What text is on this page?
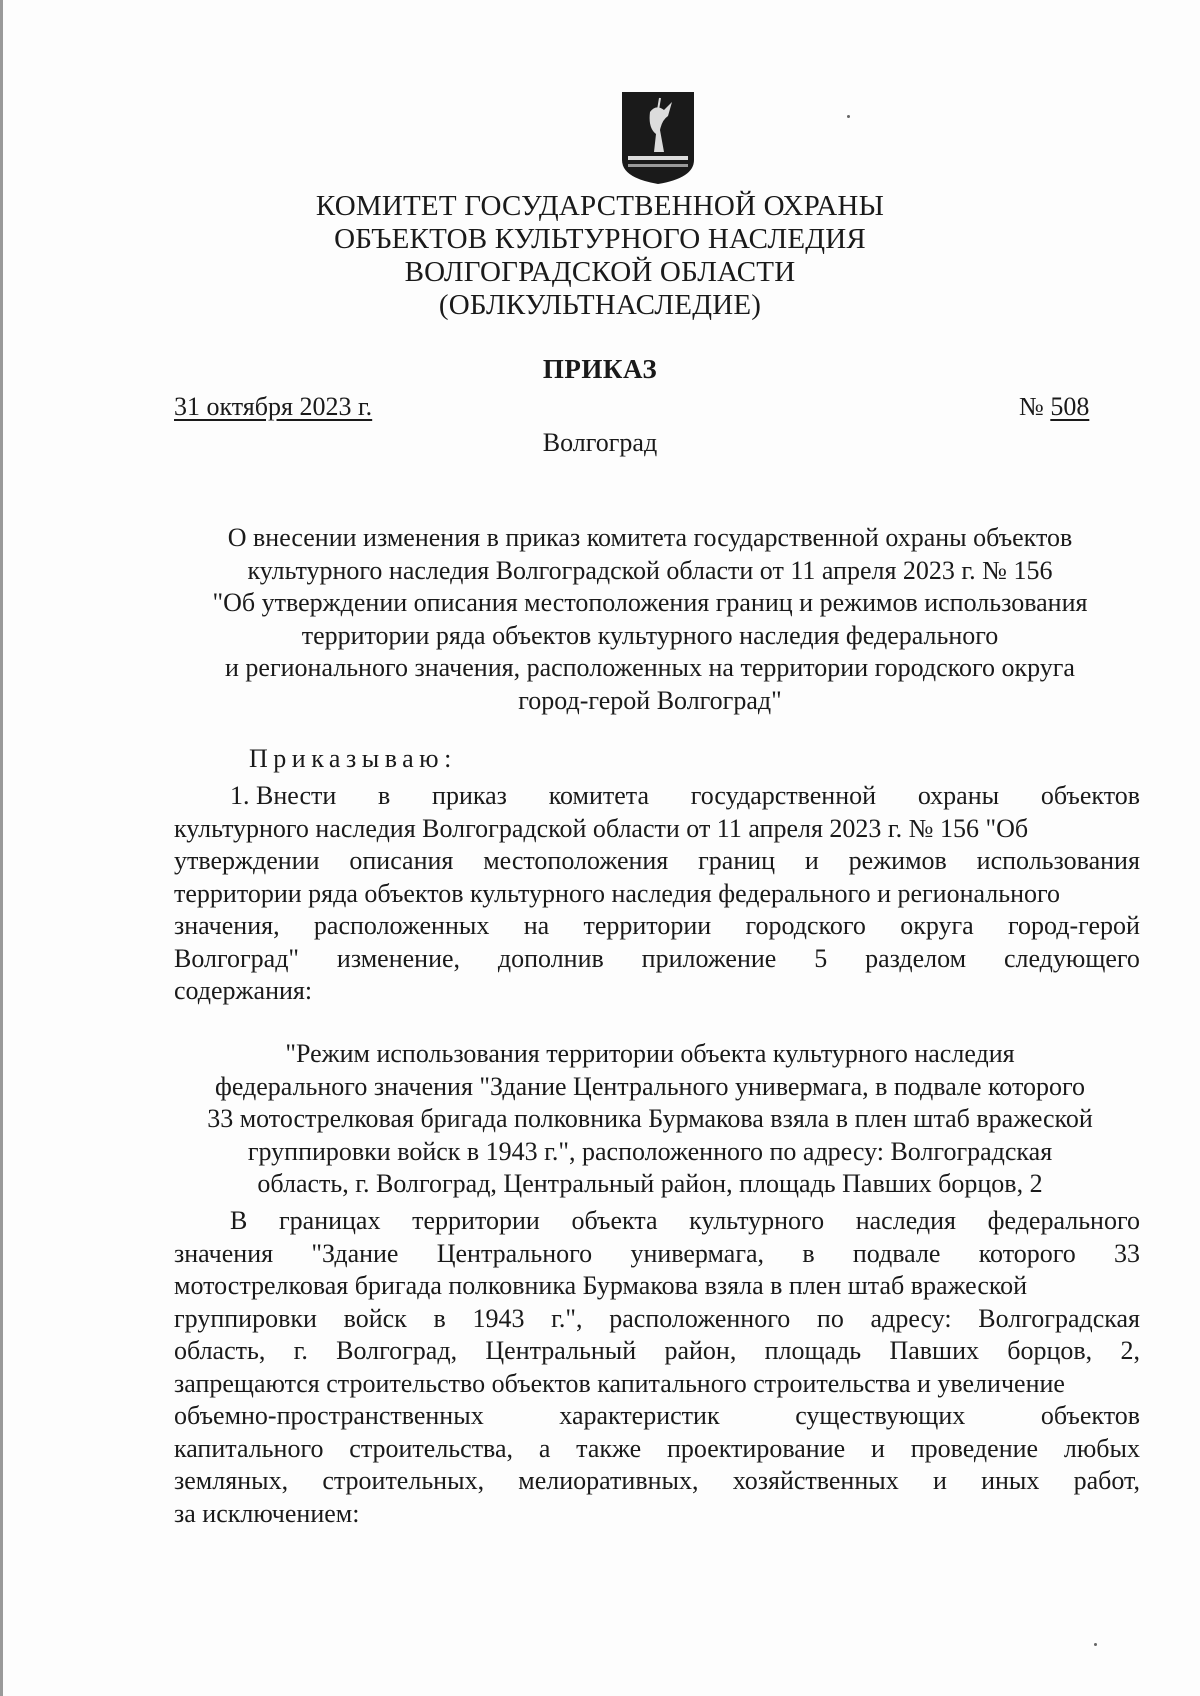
КОМИТЕТ ГОСУДАРСТВЕННОЙ ОХРАНЫ
ОБЪЕКТОВ КУЛЬТУРНОГО НАСЛЕДИЯ
ВОЛГОГРАДСКОЙ ОБЛАСТИ
(ОБЛКУЛЬТНАСЛЕДИЕ)
ПРИКАЗ
31 октября 2023 г.	№ 508
Волгоград
О внесении изменения в приказ комитета государственной охраны объектов
культурного наследия Волгоградской области от 11 апреля 2023 г. № 156
"Об утверждении описания местоположения границ и режимов использования
территории ряда объектов культурного наследия федерального
и регионального значения, расположенных на территории городского округа
город-герой Волгоград"
Приказываю:
1. Внести в приказ комитета государственной охраны объектов
культурного наследия Волгоградской области от 11 апреля 2023 г. № 156 "Об
утверждении описания местоположения границ и режимов использования
территории ряда объектов культурного наследия федерального и регионального
значения, расположенных на территории городского округа город-герой
Волгоград" изменение, дополнив приложение 5 разделом следующего
содержания:
"Режим использования территории объекта культурного наследия
федерального значения "Здание Центрального универмага, в подвале которого
33 мотострелковая бригада полковника Бурмакова взяла в плен штаб вражеской
группировки войск в 1943 г.", расположенного по адресу: Волгоградская
область, г. Волгоград, Центральный район, площадь Павших борцов, 2
В границах территории объекта культурного наследия федерального
значения "Здание Центрального универмага, в подвале которого 33
мотострелковая бригада полковника Бурмакова взяла в плен штаб вражеской
группировки войск в 1943 г.", расположенного по адресу: Волгоградская
область, г. Волгоград, Центральный район, площадь Павших борцов, 2,
запрещаются строительство объектов капитального строительства и увеличение
объемно-пространственных	характеристик	существующих	объектов
капитального строительства, а также проектирование и проведение любых
земляных, строительных, мелиоративных, хозяйственных и иных работ,
за исключением:
